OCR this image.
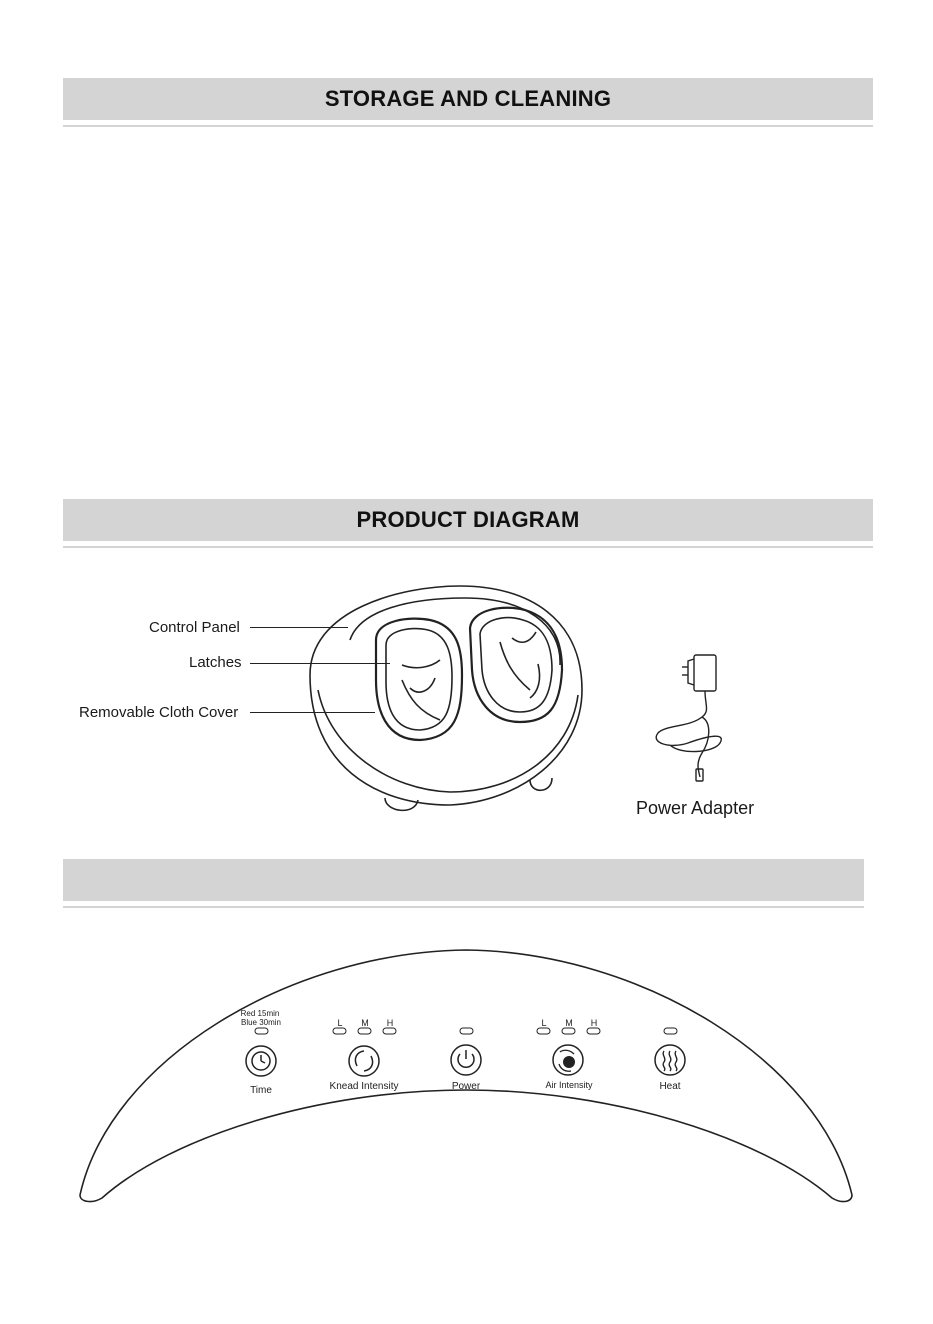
STORAGE AND CLEANING
PRODUCT DIAGRAM
Control Panel
Latches
Removable Cloth Cover
Power Adapter
Red 15min
Blue 30min
Time
L M H
Knead Intensity	Power
L M H
Air Intensity	Heat
